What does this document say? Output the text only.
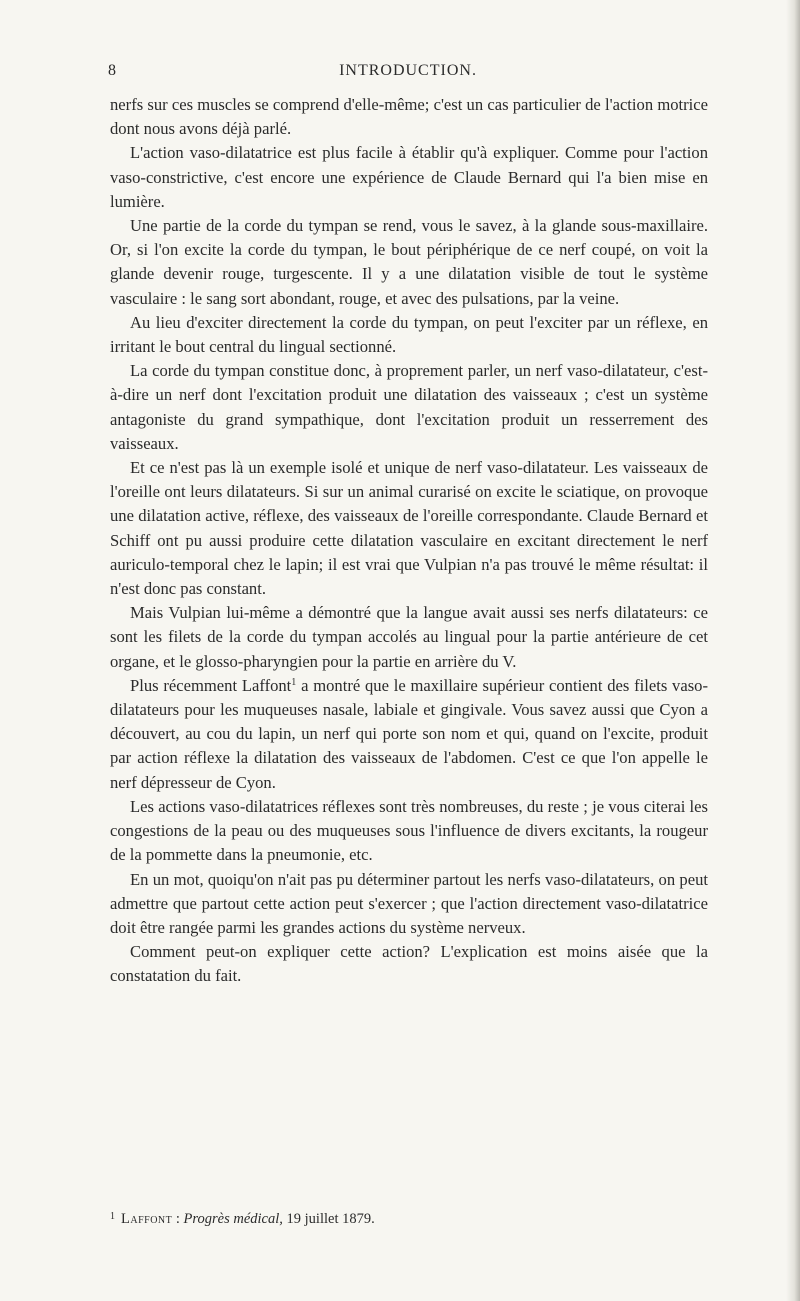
8	INTRODUCTION.

nerfs sur ces muscles se comprend d'elle-même; c'est un cas particulier de l'action motrice dont nous avons déjà parlé.

L'action vaso-dilatatrice est plus facile à établir qu'à expliquer. Comme pour l'action vaso-constrictive, c'est encore une expérience de Claude Bernard qui l'a bien mise en lumière.

Une partie de la corde du tympan se rend, vous le savez, à la glande sous-maxillaire. Or, si l'on excite la corde du tympan, le bout périphérique de ce nerf coupé, on voit la glande devenir rouge, turgescente. Il y a une dilatation visible de tout le système vasculaire : le sang sort abondant, rouge, et avec des pulsations, par la veine.

Au lieu d'exciter directement la corde du tympan, on peut l'exciter par un réflexe, en irritant le bout central du lingual sectionné.

La corde du tympan constitue donc, à proprement parler, un nerf vaso-dilatateur, c'est-à-dire un nerf dont l'excitation produit une dilatation des vaisseaux ; c'est un système antagoniste du grand sympathique, dont l'excitation produit un resserrement des vaisseaux.

Et ce n'est pas là un exemple isolé et unique de nerf vaso-dilatateur. Les vaisseaux de l'oreille ont leurs dilatateurs. Si sur un animal curarisé on excite le sciatique, on provoque une dilatation active, réflexe, des vaisseaux de l'oreille correspondante. Claude Bernard et Schiff ont pu aussi produire cette dilatation vasculaire en excitant directement le nerf auriculo-temporal chez le lapin; il est vrai que Vulpian n'a pas trouvé le même résultat: il n'est donc pas constant.

Mais Vulpian lui-même a démontré que la langue avait aussi ses nerfs dilatateurs: ce sont les filets de la corde du tympan accolés au lingual pour la partie antérieure de cet organe, et le glosso-pharyngien pour la partie en arrière du V.

Plus récemment Laffont$^1$ a montré que le maxillaire supérieur contient des filets vaso-dilatateurs pour les muqueuses nasale, labiale et gingivale. Vous savez aussi que Cyon a découvert, au cou du lapin, un nerf qui porte son nom et qui, quand on l'excite, produit par action réflexe la dilatation des vaisseaux de l'abdomen. C'est ce que l'on appelle le nerf dépresseur de Cyon.

Les actions vaso-dilatatrices réflexes sont très nombreuses, du reste ; je vous citerai les congestions de la peau ou des muqueuses sous l'influence de divers excitants, la rougeur de la pommette dans la pneumonie, etc.

En un mot, quoiqu'on n'ait pas pu déterminer partout les nerfs vaso-dilatateurs, on peut admettre que partout cette action peut s'exercer ; que l'action directement vaso-dilatatrice doit être rangée parmi les grandes actions du système nerveux.

Comment peut-on expliquer cette action? L'explication est moins aisée que la constatation du fait.

$^1$ Laffont : Progrès médical, 19 juillet 1879.
